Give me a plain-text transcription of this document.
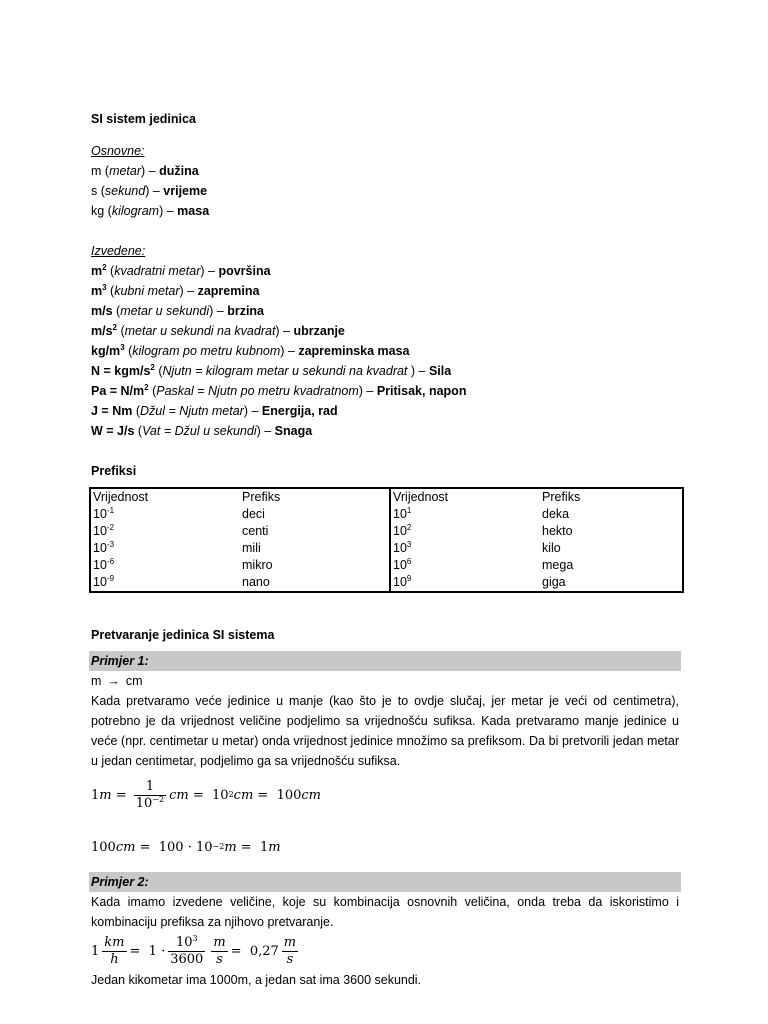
SI sistem jedinica
Osnovne:
m (metar) – dužina
s (sekund) – vrijeme
kg (kilogram) – masa
Izvedene:
$m^2$ (kvadratni metar) – površina
$m^3$ (kubni metar) – zapremina
m/s (metar u sekundi) – brzina
$m/s^2$ (metar u sekundi na kvadrat) – ubrzanje
$kg/m^3$ (kilogram po metru kubnom) – zapreminska masa
N = kgm/$s^2$ (Njutn = kilogram metar u sekundi na kvadrat ) – Sila
$Pa = N/m^2$ (Paskal = Njutn po metru kvadratnom) – Pritisak, napon
J = Nm (Džul = Njutn metar) – Energija, rad
W = J/s (Vat = Džul u sekundi) – Snaga
Prefiksi
Vrijednost	Prefiks	Vrijednost	Prefiks
$10^{-1}$	deci	$10^1$	deka
$10^{-2}$	centi	$10^2$	hekto
$10^{-3}$	mili	$10^3$	kilo
$10^{-6}$	mikro	$10^6$	mega
$10^{-9}$	nano	$10^9$	giga
Pretvaranje jedinica SI sistema
Primjer 1:
m → cm
Kada pretvaramo veće jedinice u manje (kao što je to ovdje slučaj, jer metar je veći od centimetra), potrebno je da vrijednost veličine podjelimo sa vrijednošću sufiksa. Kada pretvaramo manje jedinice u veće (npr. centimetar u metar) onda vrijednost jedinice množimo sa prefiksom. Da bi pretvorili jedan metar u jedan centimetar, podjelimo ga sa vrijednošću sufiksa.
1 $m = \frac{1}{10^{-2}}$ cm = 10 2 cm = 100 cm
100 cm = 100
·
10 −2 m = 1 m
Primjer 2:
Kada imamo izvedene veličine, koje su kombinacija osnovnih veličina, onda treba da iskoristimo i kombinaciju prefiksa za njihovo pretvaranje.
$1 \frac{km}{h} = 1$
· $\frac{10^3}{3600} \frac{m}{s} = 0,27 \frac{m}{s}$
Jedan kikometar ima 1000m, a jedan sat ima 3600 sekundi.
